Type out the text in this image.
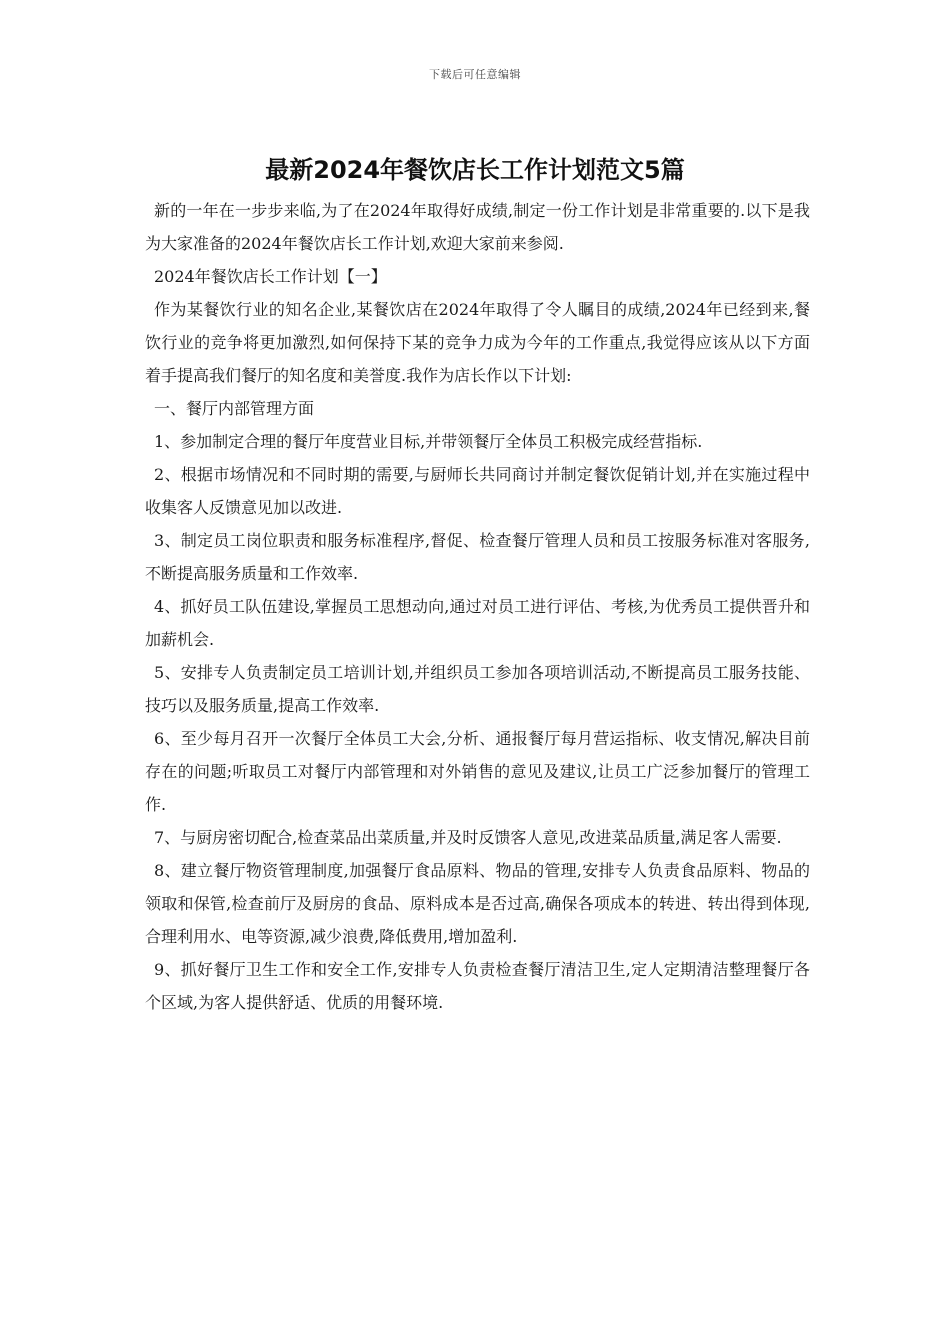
下载后可任意编辑
最新2024年餐饮店长工作计划范文5篇

新的一年在一步步来临,为了在2024年取得好成绩,制定一份工作计划是非常重要的.以下是我为大家准备的2024年餐饮店长工作计划,欢迎大家前来参阅.

2024年餐饮店长工作计划【一】

作为某餐饮行业的知名企业,某餐饮店在2024年取得了令人瞩目的成绩,2024年已经到来,餐饮行业的竞争将更加激烈,如何保持下某的竞争力成为今年的工作重点,我觉得应该从以下方面着手提高我们餐厅的知名度和美誉度.我作为店长作以下计划:

一、餐厅内部管理方面

1、参加制定合理的餐厅年度营业目标,并带领餐厅全体员工积极完成经营指标.

2、根据市场情况和不同时期的需要,与厨师长共同商讨并制定餐饮促销计划,并在实施过程中收集客人反馈意见加以改进.

3、制定员工岗位职责和服务标准程序,督促、检查餐厅管理人员和员工按服务标准对客服务,不断提高服务质量和工作效率.

4、抓好员工队伍建设,掌握员工思想动向,通过对员工进行评估、考核,为优秀员工提供晋升和加薪机会.

5、安排专人负责制定员工培训计划,并组织员工参加各项培训活动,不断提高员工服务技能、技巧以及服务质量,提高工作效率.

6、至少每月召开一次餐厅全体员工大会,分析、通报餐厅每月营运指标、收支情况,解决目前存在的问题;听取员工对餐厅内部管理和对外销售的意见及建议,让员工广泛参加餐厅的管理工作.

7、与厨房密切配合,检查菜品出菜质量,并及时反馈客人意见,改进菜品质量,满足客人需要.

8、建立餐厅物资管理制度,加强餐厅食品原料、物品的管理,安排专人负责食品原料、物品的领取和保管,检查前厅及厨房的食品、原料成本是否过高,确保各项成本的转进、转出得到体现,合理利用水、电等资源,减少浪费,降低费用,增加盈利.

9、抓好餐厅卫生工作和安全工作,安排专人负责检查餐厅清洁卫生,定人定期清洁整理餐厅各个区域,为客人提供舒适、优质的用餐环境.
